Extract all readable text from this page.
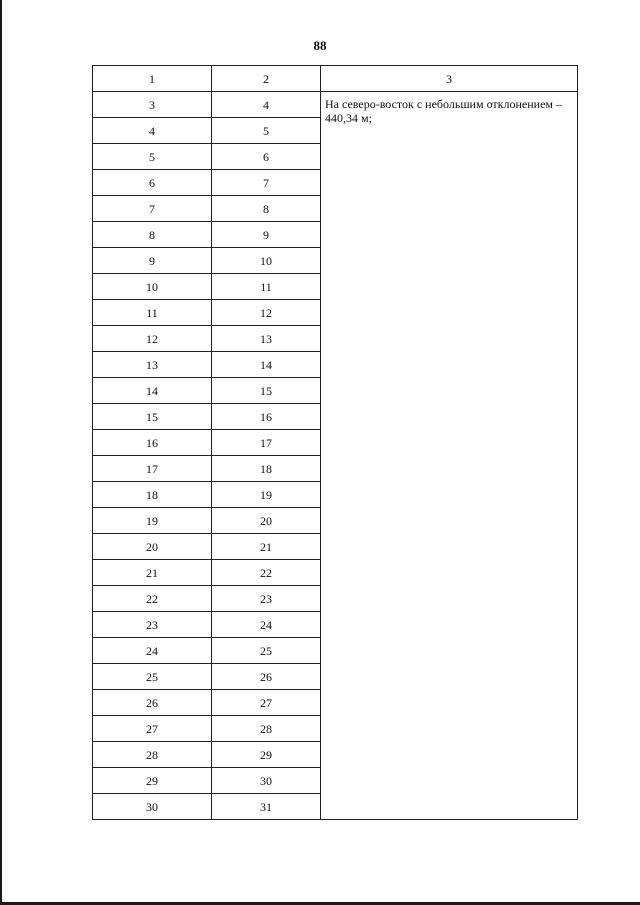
88
1	2	3
3	4	На северо-восток с небольшим отклонением – 440,34 м;
4	5	
5	6	
6	7	
7	8	
8	9	
9	10	
10	11	
11	12	
12	13	
13	14	
14	15	
15	16	
16	17	
17	18	
18	19	
19	20	
20	21	
21	22	
22	23	
23	24	
24	25	
25	26	
26	27	
27	28	
28	29	
29	30	
30	31	
